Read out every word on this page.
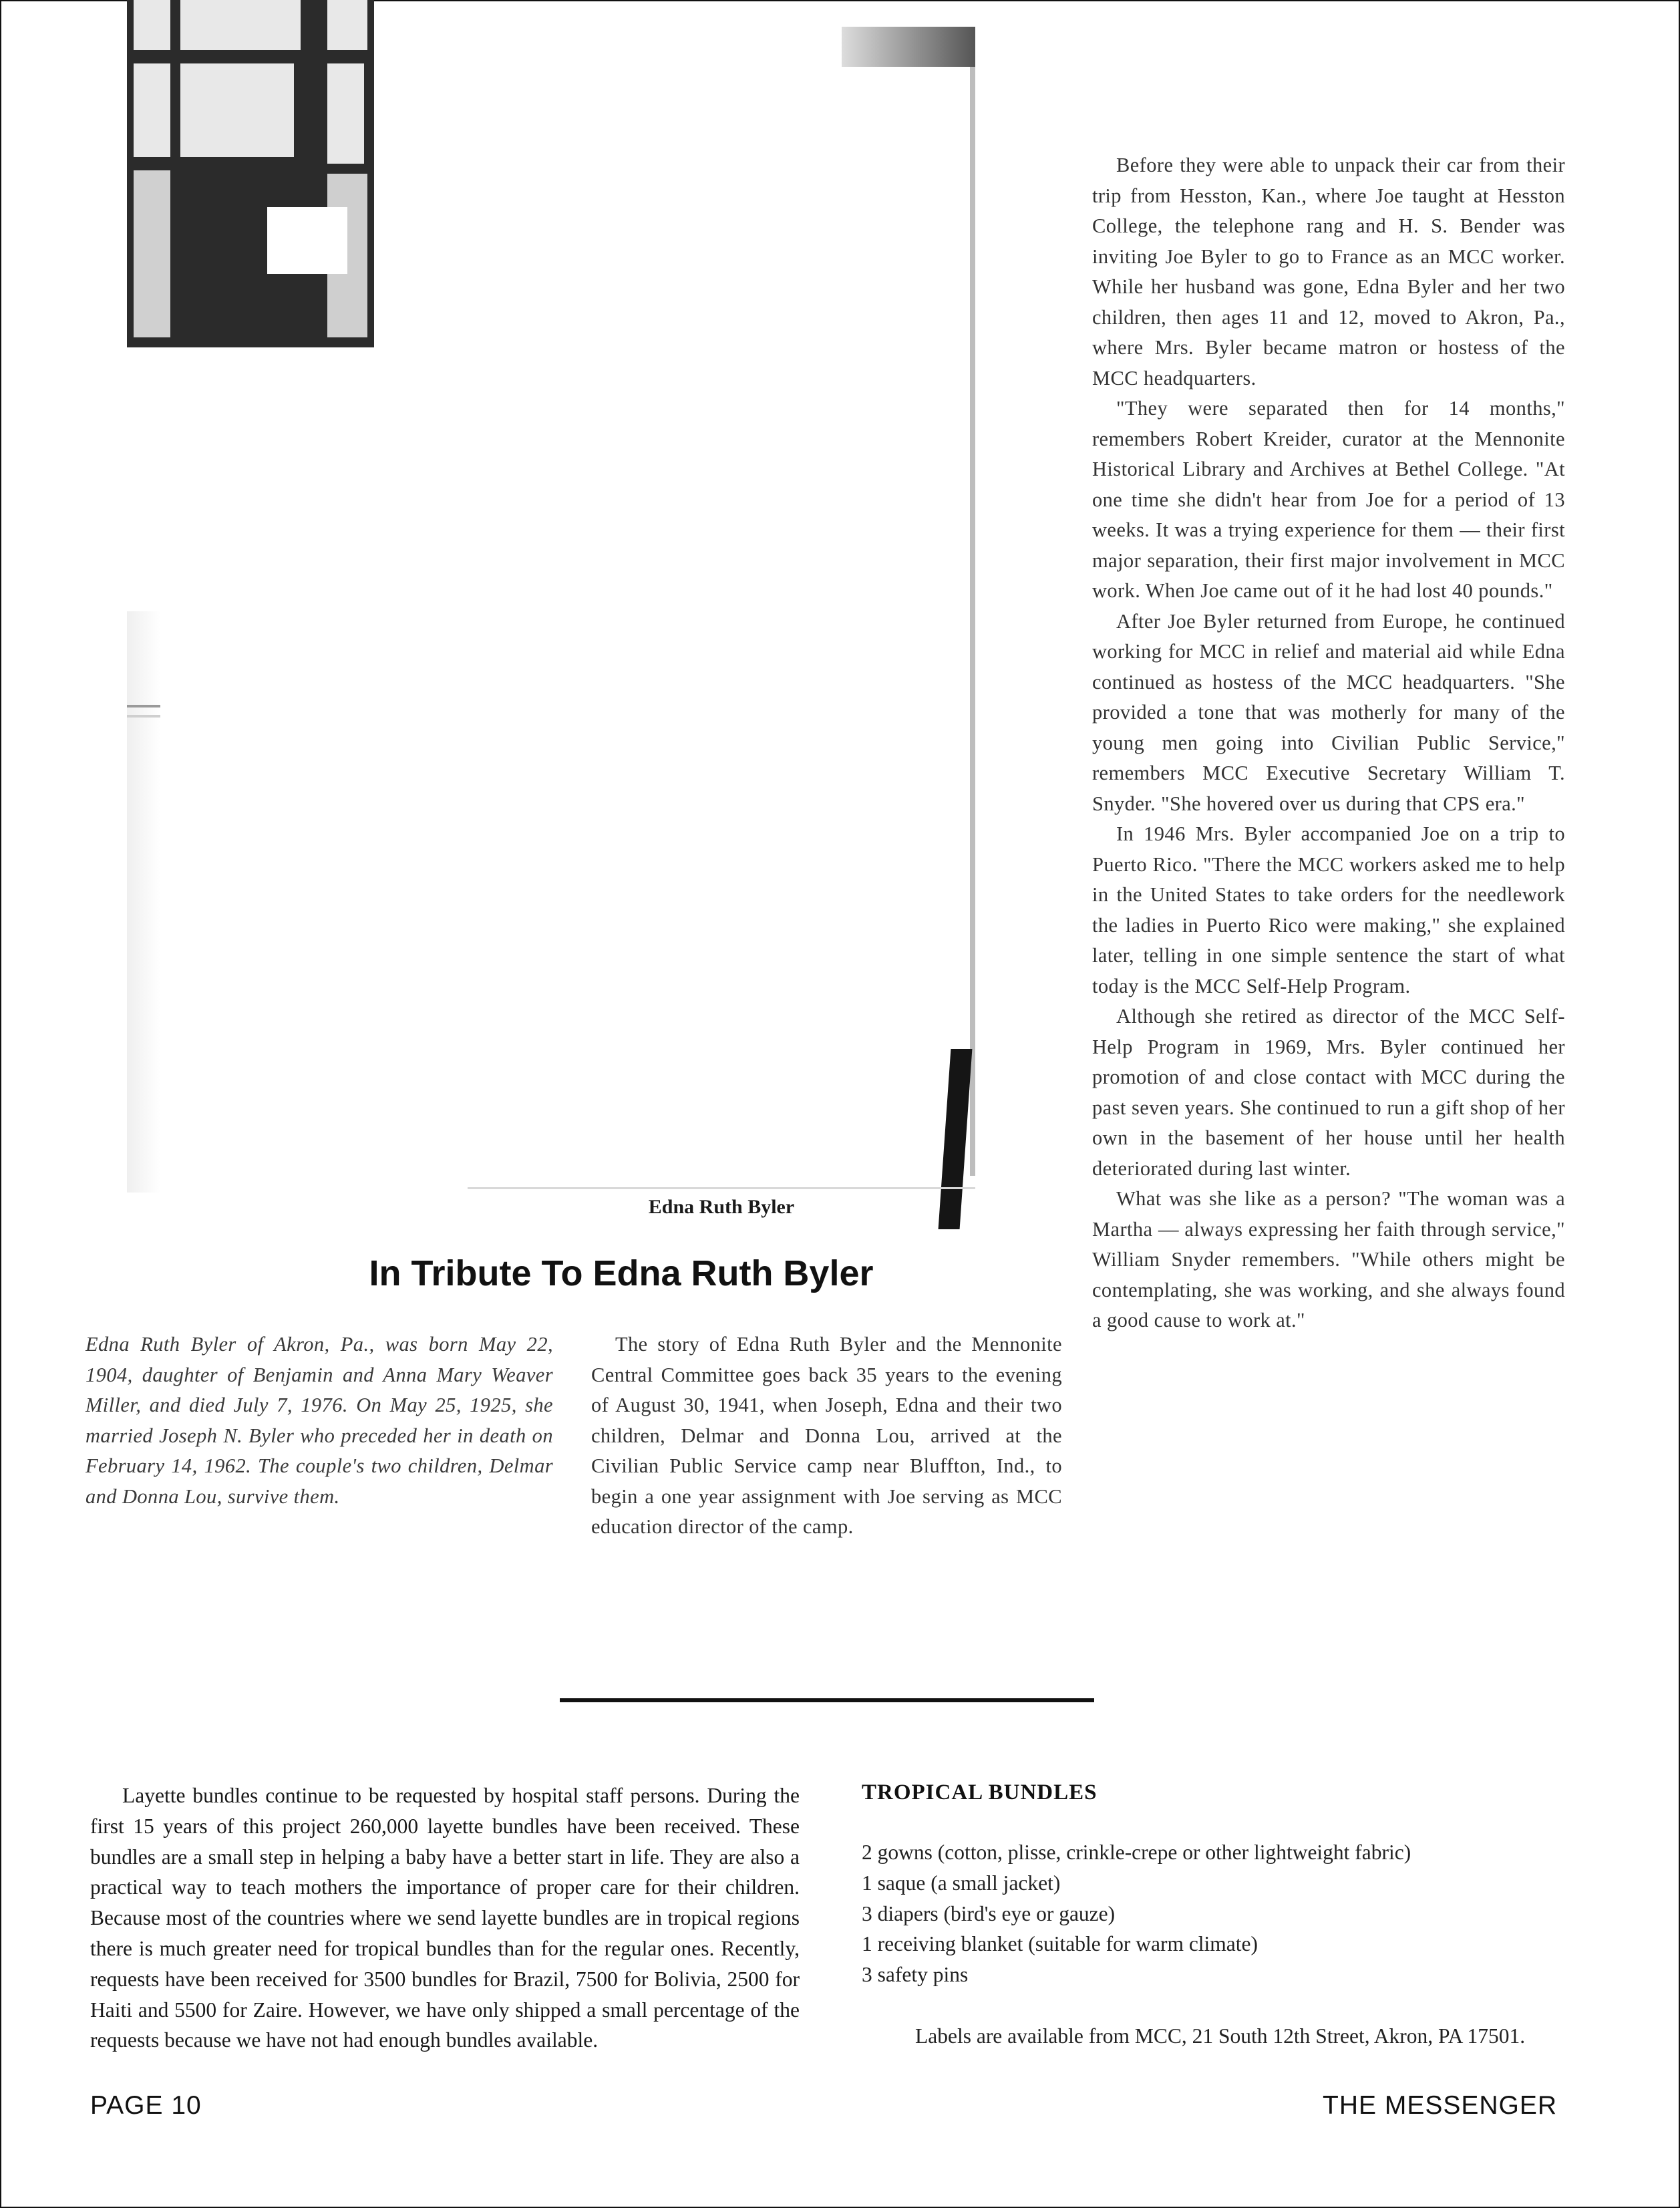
Edna Ruth Byler
In Tribute To Edna Ruth Byler

Edna Ruth Byler of Akron, Pa., was born May 22, 1904, daughter of Benjamin and Anna Mary Weaver Miller, and died July 7, 1976. On May 25, 1925, she married Joseph N. Byler who preceded her in death on February 14, 1962. The couple's two children, Delmar and Donna Lou, survive them.

The story of Edna Ruth Byler and the Mennonite Central Committee goes back 35 years to the evening of August 30, 1941, when Joseph, Edna and their two children, Delmar and Donna Lou, arrived at the Civilian Public Service camp near Bluffton, Ind., to begin a one year assignment with Joe serving as MCC education director of the camp.

Before they were able to unpack their car from their trip from Hesston, Kan., where Joe taught at Hesston College, the telephone rang and H. S. Bender was inviting Joe Byler to go to France as an MCC worker. While her husband was gone, Edna Byler and her two children, then ages 11 and 12, moved to Akron, Pa., where Mrs. Byler became matron or hostess of the MCC headquarters.

"They were separated then for 14 months," remembers Robert Kreider, curator at the Mennonite Historical Library and Archives at Bethel College. "At one time she didn't hear from Joe for a period of 13 weeks. It was a trying experience for them — their first major separation, their first major involvement in MCC work. When Joe came out of it he had lost 40 pounds."

After Joe Byler returned from Europe, he continued working for MCC in relief and material aid while Edna continued as hostess of the MCC headquarters. "She provided a tone that was motherly for many of the young men going into Civilian Public Service," remembers MCC Executive Secretary William T. Snyder. "She hovered over us during that CPS era."

In 1946 Mrs. Byler accompanied Joe on a trip to Puerto Rico. "There the MCC workers asked me to help in the United States to take orders for the needlework the ladies in Puerto Rico were making," she explained later, telling in one simple sentence the start of what today is the MCC Self-Help Program.

Although she retired as director of the MCC Self-Help Program in 1969, Mrs. Byler continued her promotion of and close contact with MCC during the past seven years. She continued to run a gift shop of her own in the basement of her house until her health deteriorated during last winter.

What was she like as a person? "The woman was a Martha — always expressing her faith through service," William Snyder remembers. "While others might be contemplating, she was working, and she always found a good cause to work at."

Layette bundles continue to be requested by hospital staff persons. During the first 15 years of this project 260,000 layette bundles have been received. These bundles are a small step in helping a baby have a better start in life. They are also a practical way to teach mothers the importance of proper care for their children. Because most of the countries where we send layette bundles are in tropical regions there is much greater need for tropical bundles than for the regular ones. Recently, requests have been received for 3500 bundles for Brazil, 7500 for Bolivia, 2500 for Haiti and 5500 for Zaire. However, we have only shipped a small percentage of the requests because we have not had enough bundles available.

TROPICAL BUNDLES
2 gowns (cotton, plisse, crinkle-crepe or other lightweight fabric)
1 saque (a small jacket)
3 diapers (bird's eye or gauze)
1 receiving blanket (suitable for warm climate)
3 safety pins

Labels are available from MCC, 21 South 12th Street, Akron, PA 17501.

PAGE 10	THE MESSENGER
